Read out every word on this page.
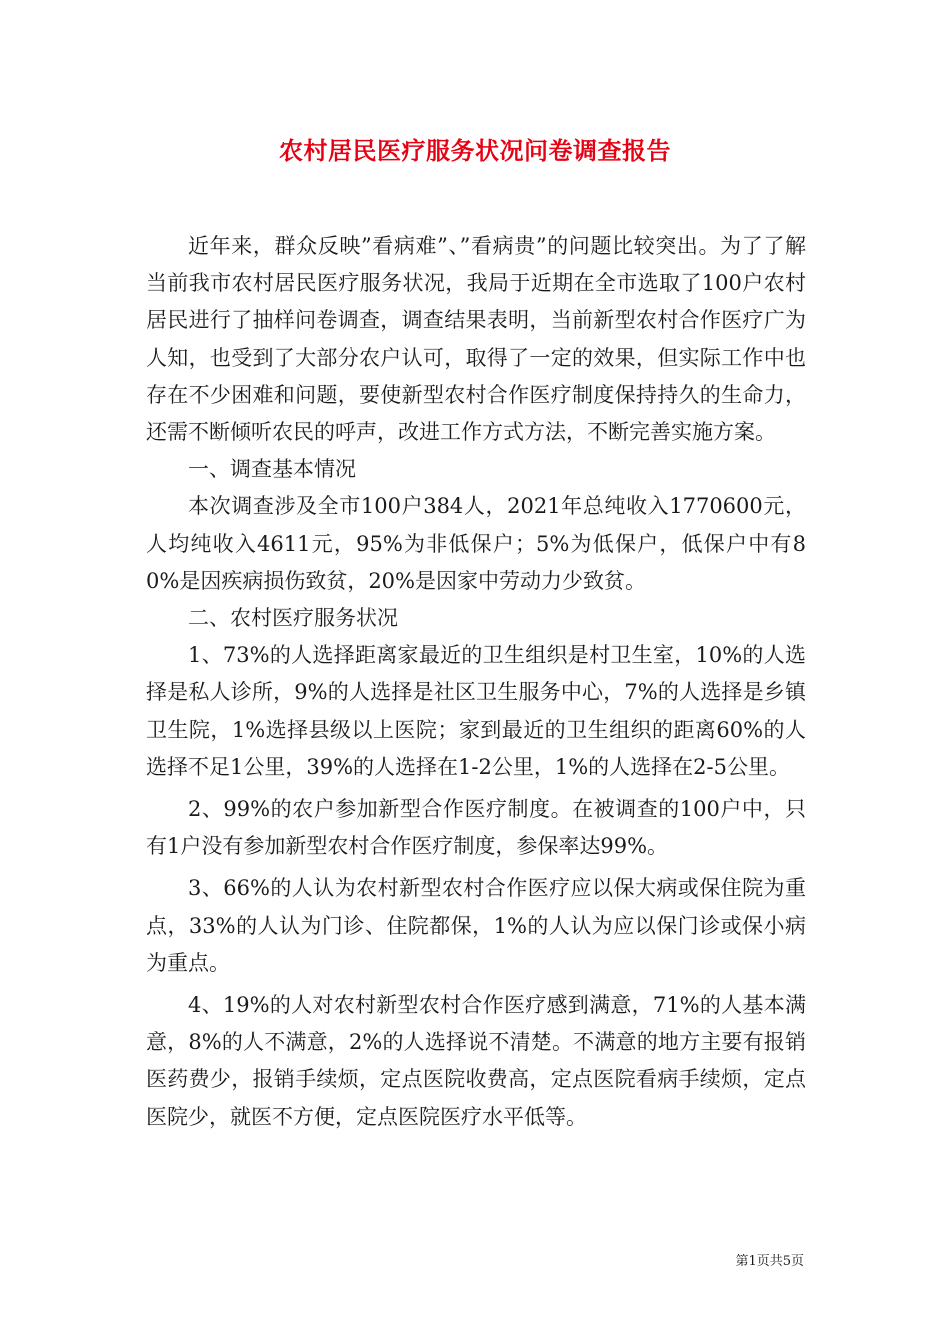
农村居民医疗服务状况问卷调查报告

近年来，群众反映”看病难”、”看病贵”的问题比较突出。为了了解当前我市农村居民医疗服务状况，我局于近期在全市选取了100户农村居民进行了抽样问卷调查，调查结果表明，当前新型农村合作医疗广为人知，也受到了大部分农户认可，取得了一定的效果，但实际工作中也存在不少困难和问题，要使新型农村合作医疗制度保持持久的生命力，还需不断倾听农民的呼声，改进工作方式方法，不断完善实施方案。

一、调查基本情况

本次调查涉及全市100户384人，2021年总纯收入1770600元，人均纯收入4611元，95%为非低保户；5%为低保户，低保户中有80%是因疾病损伤致贫，20%是因家中劳动力少致贫。

二、农村医疗服务状况

1、73%的人选择距离家最近的卫生组织是村卫生室，10%的人选择是私人诊所，9%的人选择是社区卫生服务中心，7%的人选择是乡镇卫生院，1%选择县级以上医院；家到最近的卫生组织的距离60%的人选择不足1公里，39%的人选择在1-2公里，1%的人选择在2-5公里。

2、99%的农户参加新型合作医疗制度。在被调查的100户中，只有1户没有参加新型农村合作医疗制度，参保率达99%。

3、66%的人认为农村新型农村合作医疗应以保大病或保住院为重点，33%的人认为门诊、住院都保，1%的人认为应以保门诊或保小病为重点。

4、19%的人对农村新型农村合作医疗感到满意，71%的人基本满意，8%的人不满意，2%的人选择说不清楚。不满意的地方主要有报销医药费少，报销手续烦，定点医院收费高，定点医院看病手续烦，定点医院少，就医不方便，定点医院医疗水平低等。

第1页共5页
